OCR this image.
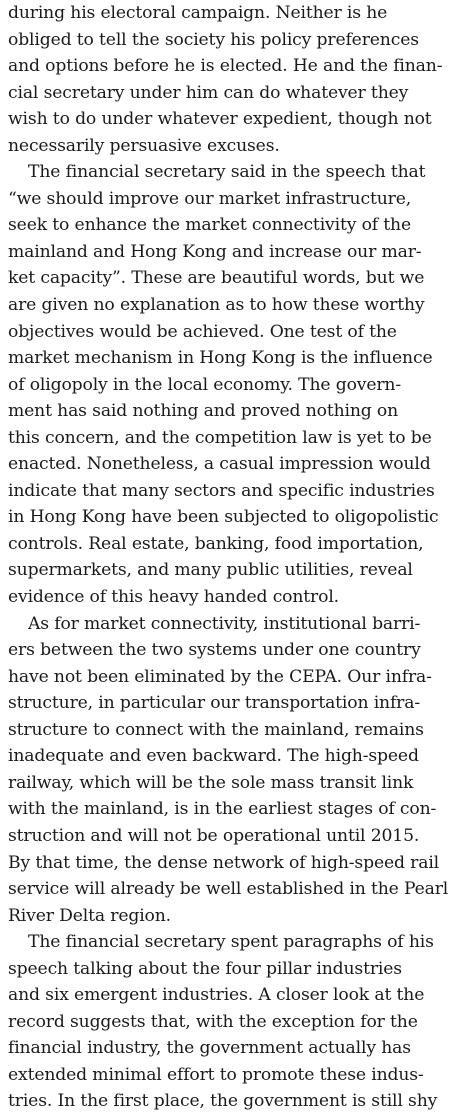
during his electoral campaign. Neither is he
obliged to tell the society his policy preferences
and options before he is elected. He and the finan-
cial secretary under him can do whatever they
wish to do under whatever expedient, though not
necessarily persuasive excuses.
The financial secretary said in the speech that
“we should improve our market infrastructure,
seek to enhance the market connectivity of the
mainland and Hong Kong and increase our mar-
ket capacity”. These are beautiful words, but we
are given no explanation as to how these worthy
objectives would be achieved. One test of the
market mechanism in Hong Kong is the influence
of oligopoly in the local economy. The govern-
ment has said nothing and proved nothing on
this concern, and the competition law is yet to be
enacted. Nonetheless, a casual impression would
indicate that many sectors and specific industries
in Hong Kong have been subjected to oligopolistic
controls. Real estate, banking, food importation,
supermarkets, and many public utilities, reveal
evidence of this heavy handed control.
As for market connectivity, institutional barri-
ers between the two systems under one country
have not been eliminated by the CEPA. Our infra-
structure, in particular our transportation infra-
structure to connect with the mainland, remains
inadequate and even backward. The high-speed
railway, which will be the sole mass transit link
with the mainland, is in the earliest stages of con-
struction and will not be operational until 2015.
By that time, the dense network of high-speed rail
service will already be well established in the Pearl
River Delta region.
The financial secretary spent paragraphs of his
speech talking about the four pillar industries
and six emergent industries. A closer look at the
record suggests that, with the exception for the
financial industry, the government actually has
extended minimal effort to promote these indus-
tries. In the first place, the government is still shy
